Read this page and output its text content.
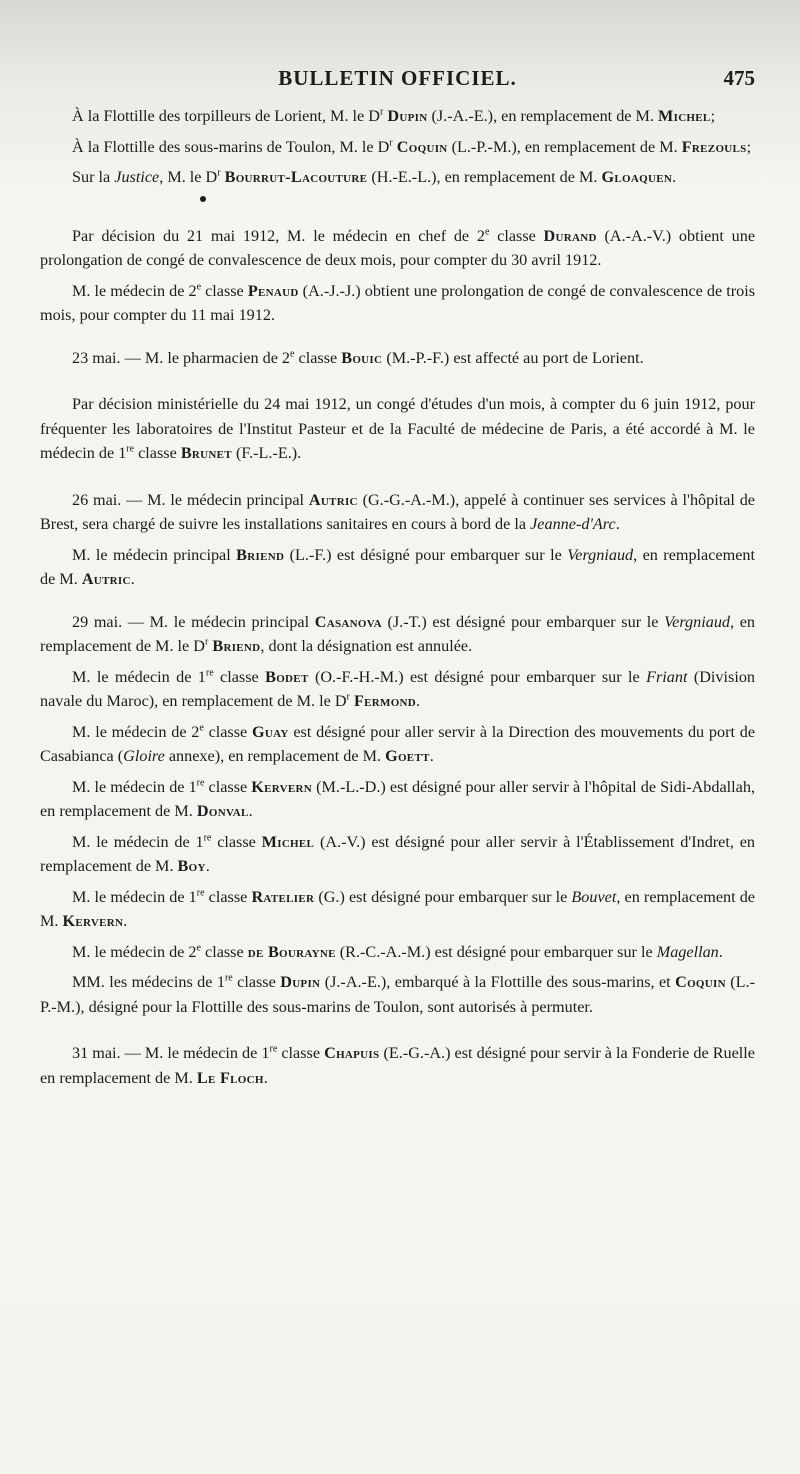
BULLETIN OFFICIEL.	475

À la Flottille des torpilleurs de Lorient, M. le $D^r$ Dupin (J.-A.-E.), en remplacement de M. Michel;

À la Flottille des sous-marins de Toulon, M. le $D^r$ Coquin (L.-P.-M.), en remplacement de M. Frezouls;

Sur la Justice, M. le $D^r$ Bourrut-Lacouture (H.-E.-L.), en remplacement de M. Gloaquen.

Par décision du 21 mai 1912, M. le médecin en chef de 2e classe Durand (A.-A.-V.) obtient une prolongation de congé de convalescence de deux mois, pour compter du 30 avril 1912.

M. le médecin de 2e classe Penaud (A.-J.-J.) obtient une prolongation de congé de convalescence de trois mois, pour compter du 11 mai 1912.

23 mai. — M. le pharmacien de 2e classe Bouic (M.-P.-F.) est affecté au port de Lorient.

Par décision ministérielle du 24 mai 1912, un congé d'études d'un mois, à compter du 6 juin 1912, pour fréquenter les laboratoires de l'Institut Pasteur et de la Faculté de médecine de Paris, a été accordé à M. le médecin de 1re classe Brunet (F.-L.-E.).

26 mai. — M. le médecin principal Autric (G.-G.-A.-M.), appelé à continuer ses services à l'hôpital de Brest, sera chargé de suivre les installations sanitaires en cours à bord de la Jeanne-d'Arc.

M. le médecin principal Briend (L.-F.) est désigné pour embarquer sur le Vergniaud, en remplacement de M. Autric.

29 mai. — M. le médecin principal Casanova (J.-T.) est désigné pour embarquer sur le Vergniaud, en remplacement de M. le $D^r$ Briend, dont la désignation est annulée.

M. le médecin de 1re classe Bodet (O.-F.-H.-M.) est désigné pour embarquer sur le Friant (Division navale du Maroc), en remplacement de M. le $D^r$ Fermond.

M. le médecin de 2e classe Guay est désigné pour aller servir à la Direction des mouvements du port de Casabianca (Gloire annexe), en remplacement de M. Goett.

M. le médecin de 1re classe Kervern (M.-L.-D.) est désigné pour aller servir à l'hôpital de Sidi-Abdallah, en remplacement de M. Donval.

M. le médecin de 1re classe Michel (A.-V.) est désigné pour aller servir à l'Établissement d'Indret, en remplacement de M. Boy.

M. le médecin de 1re classe Ratelier (G.) est désigné pour embarquer sur le Bouvet, en remplacement de M. Kervern.

M. le médecin de 2e classe de Bourayne (R.-C.-A.-M.) est désigné pour embarquer sur le Magellan.

MM. les médecins de 1re classe Dupin (J.-A.-E.), embarqué à la Flottille des sous-marins, et Coquin (L.-P.-M.), désigné pour la Flottille des sous-marins de Toulon, sont autorisés à permuter.

31 mai. — M. le médecin de 1re classe Chapuis (E.-G.-A.) est désigné pour servir à la Fonderie de Ruelle en remplacement de M. Le Floch.
